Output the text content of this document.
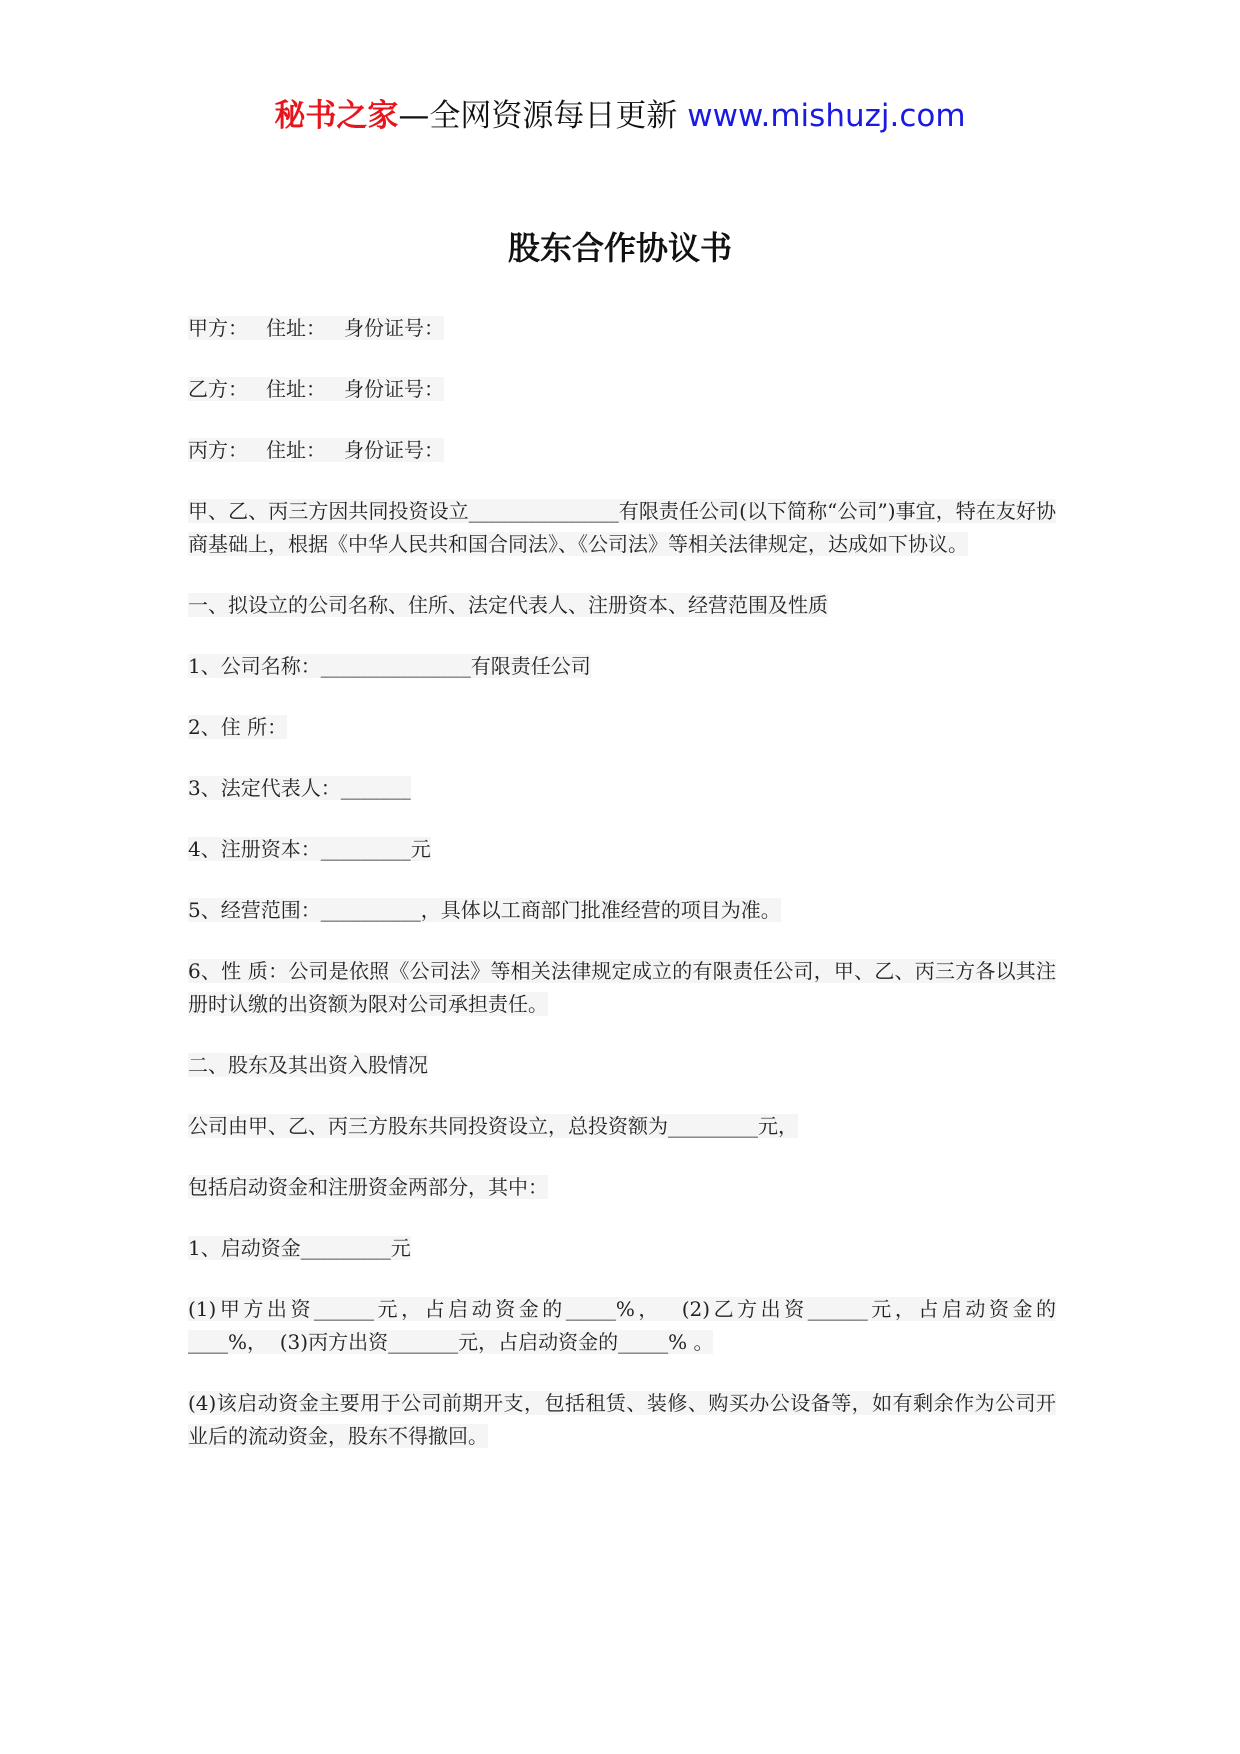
秘书之家—全网资源每日更新 www.mishuzj.com
股东合作协议书

甲方： 住址： 身份证号：

乙方： 住址： 身份证号：

丙方： 住址： 身份证号：

甲、乙、丙三方因共同投资设立_______________有限责任公司(以下简称“公司”)事宜，特在友好协商基础上，根据《中华人民共和国合同法》、《公司法》等相关法律规定，达成如下协议。

一、拟设立的公司名称、住所、法定代表人、注册资本、经营范围及性质

1、公司名称：_______________有限责任公司

2、住 所：

3、法定代表人：_______

4、注册资本：_________元

5、经营范围：__________，具体以工商部门批准经营的项目为准。

6、性 质：公司是依照《公司法》等相关法律规定成立的有限责任公司，甲、乙、丙三方各以其注册时认缴的出资额为限对公司承担责任。

二、股东及其出资入股情况

公司由甲、乙、丙三方股东共同投资设立，总投资额为_________元，

包括启动资金和注册资金两部分，其中：

1、启动资金_________元

(1)甲方出资______元，占启动资金的_____%， (2)乙方出资______元，占启动资金的____%， (3)丙方出资_______元，占启动资金的_____% 。

(4)该启动资金主要用于公司前期开支，包括租赁、装修、购买办公设备等，如有剩余作为公司开业后的流动资金，股东不得撤回。
